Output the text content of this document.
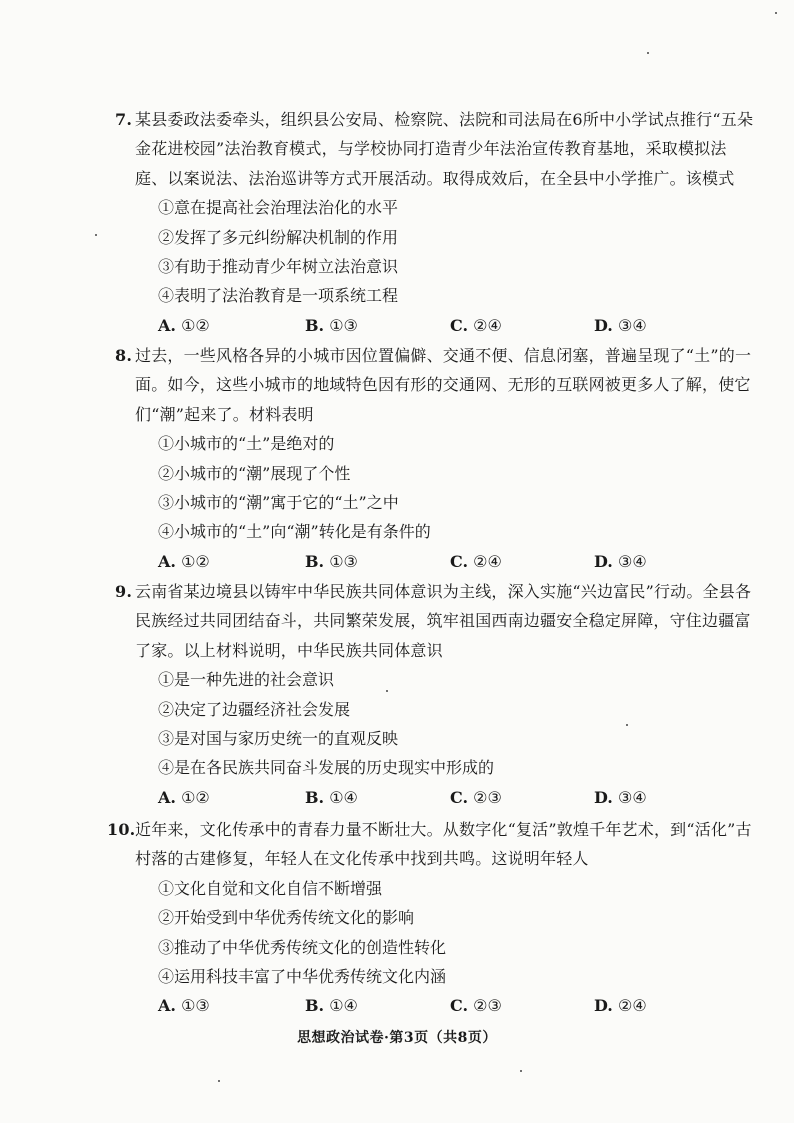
7. 某县委政法委牵头，组织县公安局、检察院、法院和司法局在6所中小学试点推行“五朵金花进校园”法治教育模式，与学校协同打造青少年法治宣传教育基地，采取模拟法庭、以案说法、法治巡讲等方式开展活动。取得成效后，在全县中小学推广。该模式
①意在提高社会治理法治化的水平
②发挥了多元纠纷解决机制的作用
③有助于推动青少年树立法治意识
④表明了法治教育是一项系统工程
A. ①②	B. ①③	C. ②④	D. ③④
8. 过去，一些风格各异的小城市因位置偏僻、交通不便、信息闭塞，普遍呈现了“土”的一面。如今，这些小城市的地域特色因有形的交通网、无形的互联网被更多人了解，使它们“潮”起来了。材料表明
①小城市的“土”是绝对的
②小城市的“潮”展现了个性
③小城市的“潮”寓于它的“土”之中
④小城市的“土”向“潮”转化是有条件的
A. ①②	B. ①③	C. ②④	D. ③④
9. 云南省某边境县以铸牢中华民族共同体意识为主线，深入实施“兴边富民”行动。全县各民族经过共同团结奋斗，共同繁荣发展，筑牢祖国西南边疆安全稳定屏障，守住边疆富了家。以上材料说明，中华民族共同体意识
①是一种先进的社会意识
②决定了边疆经济社会发展
③是对国与家历史统一的直观反映
④是在各民族共同奋斗发展的历史现实中形成的
A. ①②	B. ①④	C. ②③	D. ③④
10.近年来，文化传承中的青春力量不断壮大。从数字化“复活”敦煌千年艺术，到“活化”古村落的古建修复，年轻人在文化传承中找到共鸣。这说明年轻人
①文化自觉和文化自信不断增强
②开始受到中华优秀传统文化的影响
③推动了中华优秀传统文化的创造性转化
④运用科技丰富了中华优秀传统文化内涵
A. ①③	B. ①④	C. ②③	D. ②④
思想政治试卷·第3页（共8页）
